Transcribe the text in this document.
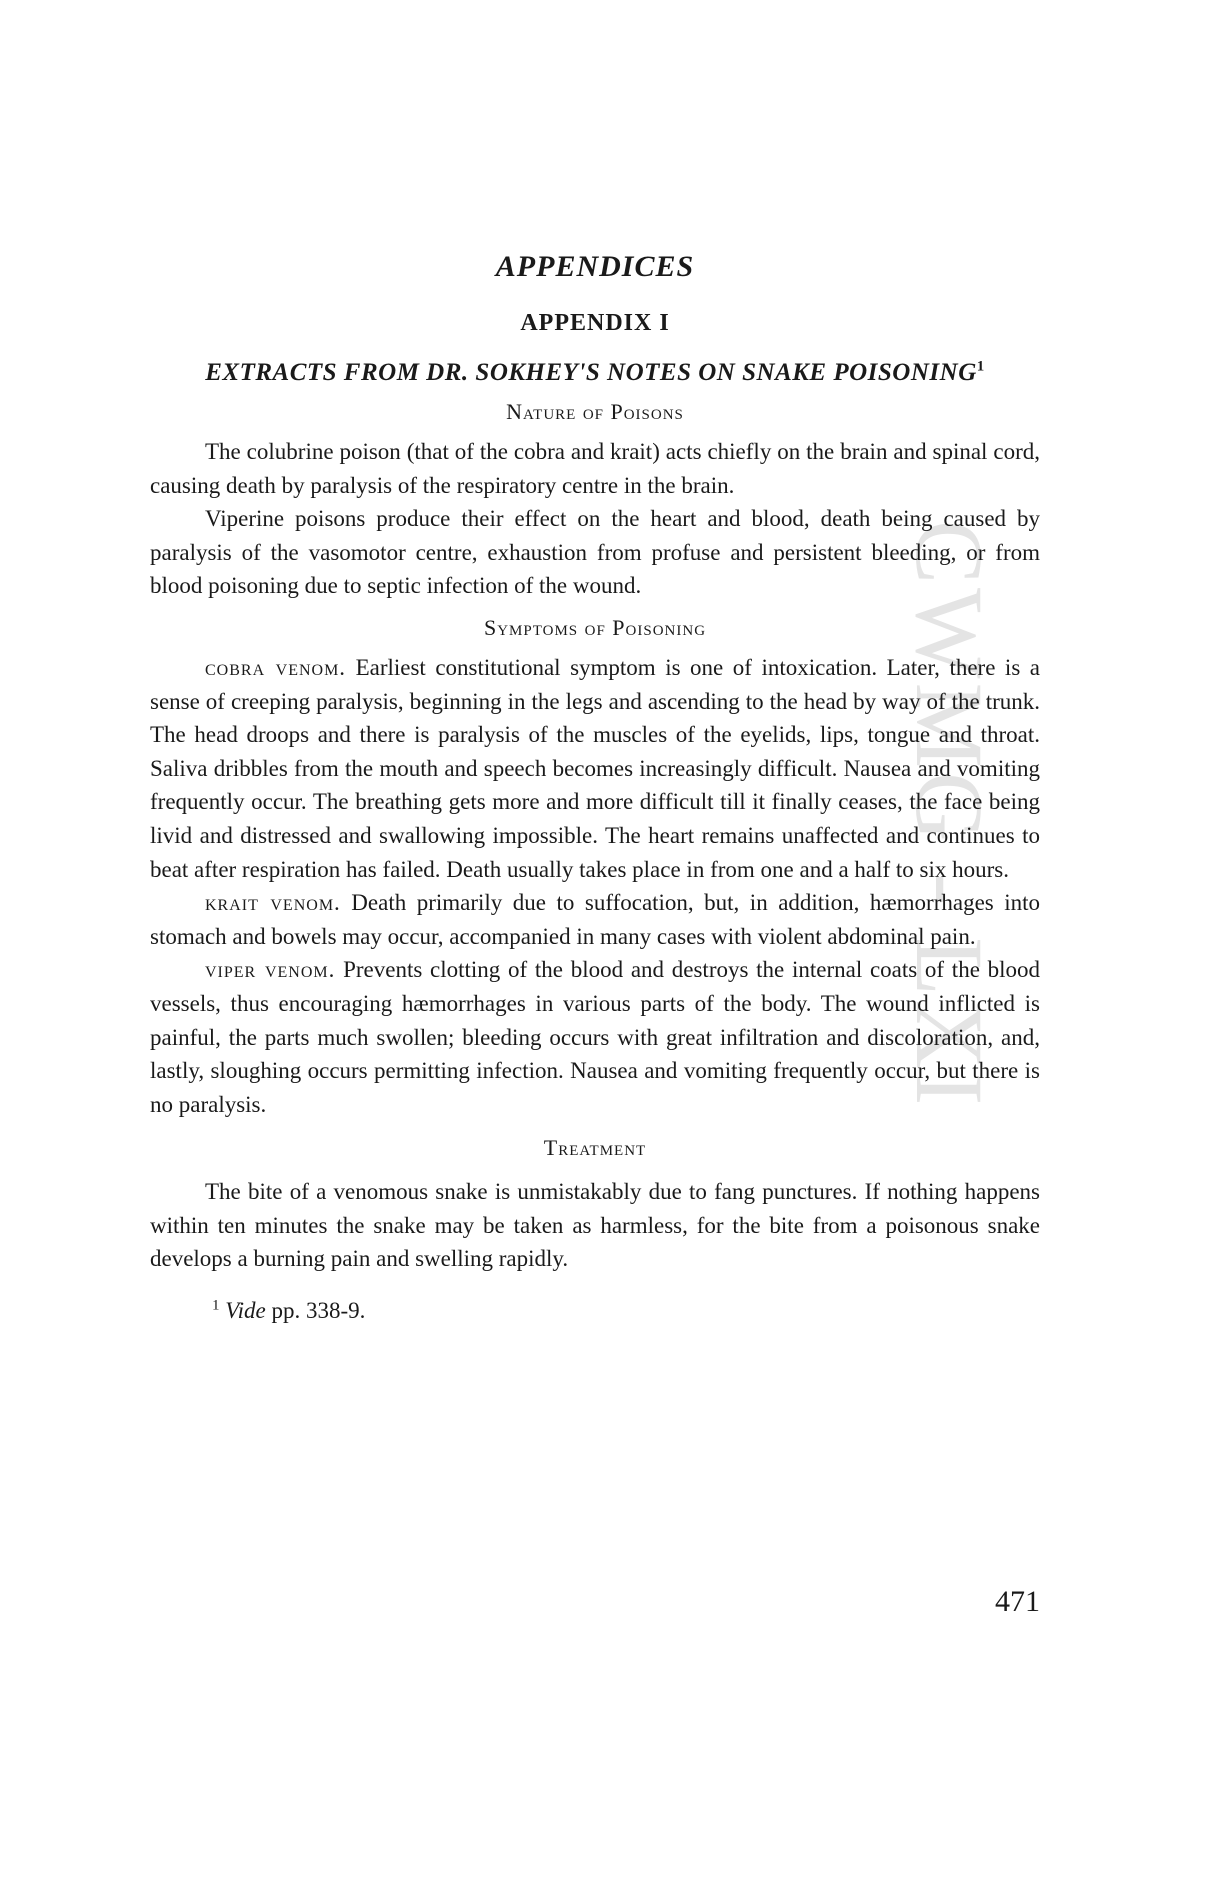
CWMG - LXI
APPENDICES
APPENDIX I
EXTRACTS FROM DR. SOKHEY'S NOTES ON SNAKE POISONING$^1$
Nature of Poisons

The colubrine poison (that of the cobra and krait) acts chiefly on the brain and spinal cord, causing death by paralysis of the respiratory centre in the brain.

Viperine poisons produce their effect on the heart and blood, death being caused by paralysis of the vasomotor centre, exhaustion from profuse and persistent bleeding, or from blood poisoning due to septic infection of the wound.

Symptoms of Poisoning

cobra venom. Earliest constitutional symptom is one of intoxication. Later, there is a sense of creeping paralysis, beginning in the legs and ascending to the head by way of the trunk. The head droops and there is paralysis of the muscles of the eyelids, lips, tongue and throat. Saliva dribbles from the mouth and speech becomes increasingly difficult. Nausea and vomiting frequently occur. The breathing gets more and more difficult till it finally ceases, the face being livid and distressed and swallowing impossible. The heart remains unaffected and continues to beat after respiration has failed. Death usually takes place in from one and a half to six hours.

krait venom. Death primarily due to suffocation, but, in addition, hæmorrhages into stomach and bowels may occur, accompanied in many cases with violent abdominal pain.

viper venom. Prevents clotting of the blood and destroys the internal coats of the blood vessels, thus encouraging hæmorrhages in various parts of the body. The wound inflicted is painful, the parts much swollen; bleeding occurs with great infiltration and discoloration, and, lastly, sloughing occurs permitting infection. Nausea and vomiting frequently occur, but there is no paralysis.

Treatment

The bite of a venomous snake is unmistakably due to fang punctures. If nothing happens within ten minutes the snake may be taken as harmless, for the bite from a poisonous snake develops a burning pain and swelling rapidly.

$^1$ Vide pp. 338-9.
471
